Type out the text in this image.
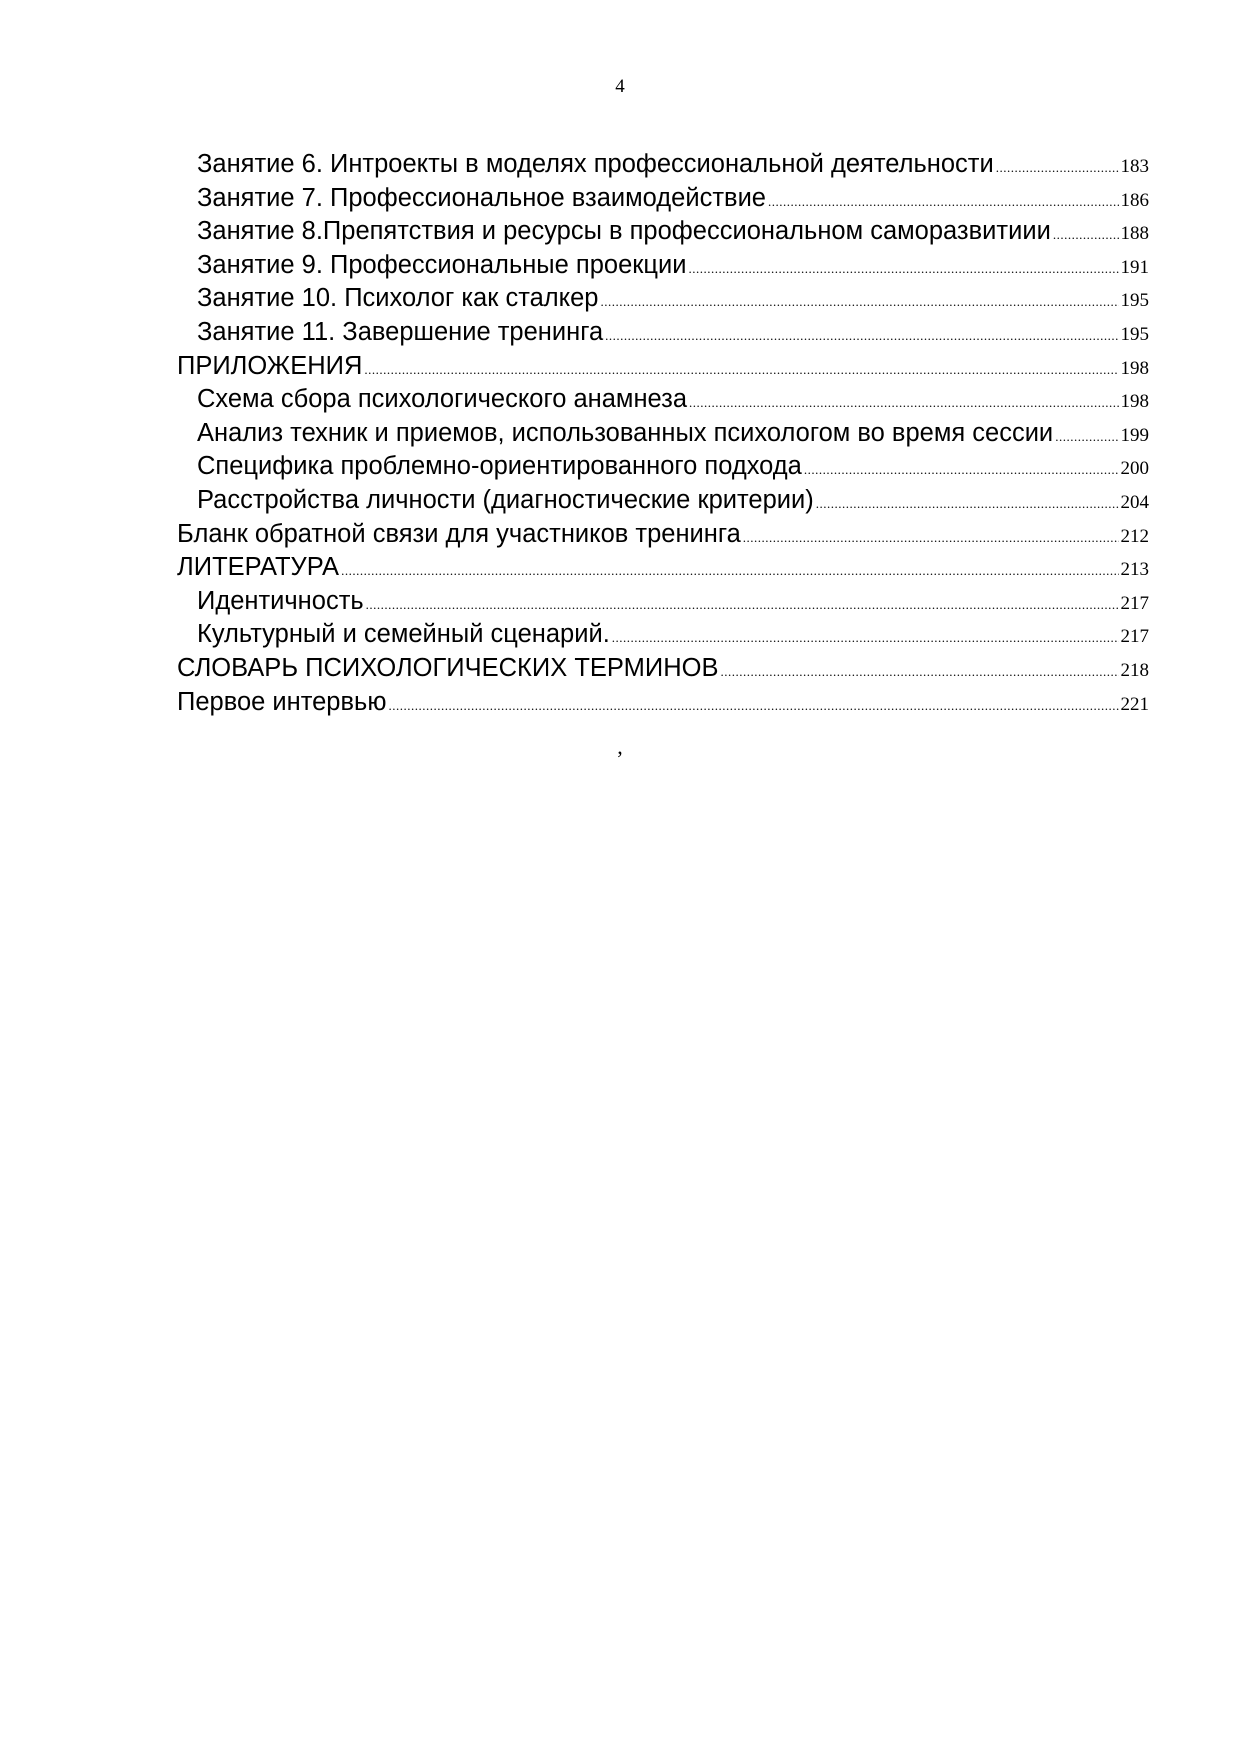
4
Занятие 6. Интроекты в моделях профессиональной деятельности .....	183
Занятие 7. Профессиональное взаимодействие .....	186
Занятие 8.Препятствия и ресурсы в профессиональном саморазвитиии .....	188
Занятие 9. Профессиональные проекции .....	191
Занятие 10. Психолог как сталкер .....	195
Занятие 11. Завершение тренинга .....	195
ПРИЛОЖЕНИЯ .....	198
Схема сбора психологического анамнеза .....	198
Анализ техник и приемов, использованных психологом во время сессии .....	199
Специфика проблемно-ориентированного подхода .....	200
Расстройства личности (диагностические критерии) .....	204
Бланк обратной связи для участников тренинга .....	212
ЛИТЕРАТУРА .....	213
Идентичность .....	217
Культурный и семейный сценарий. .....	217
СЛОВАРЬ ПСИХОЛОГИЧЕСКИХ ТЕРМИНОВ .....	218
Первое интервью .....	221
,
